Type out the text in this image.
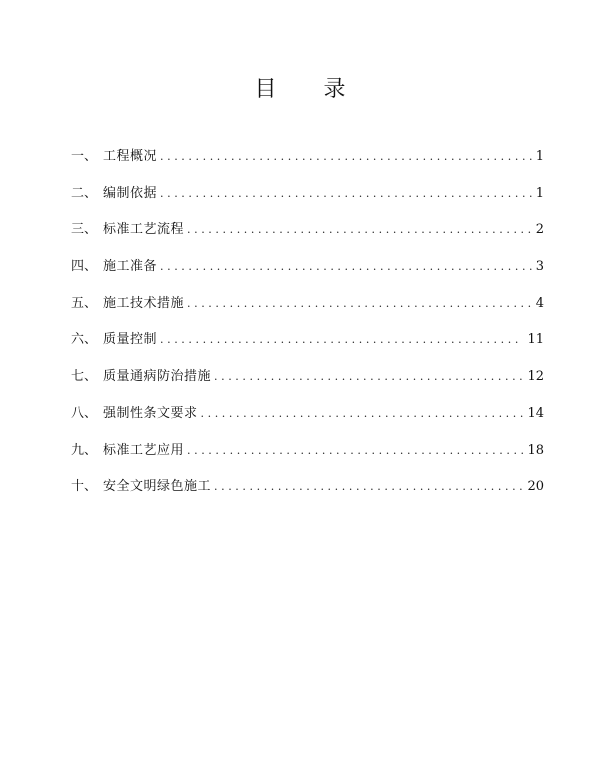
目 录
一、 工程概况 .....	1
二、 编制依据 .....	1
三、 标准工艺流程 .....	2
四、 施工准备 .....	3
五、 施工技术措施 .....	4
六、 质量控制 .....	11
七、 质量通病防治措施 .....	12
八、 强制性条文要求 .....	14
九、 标准工艺应用 .....	18
十、 安全文明绿色施工 .....	20
